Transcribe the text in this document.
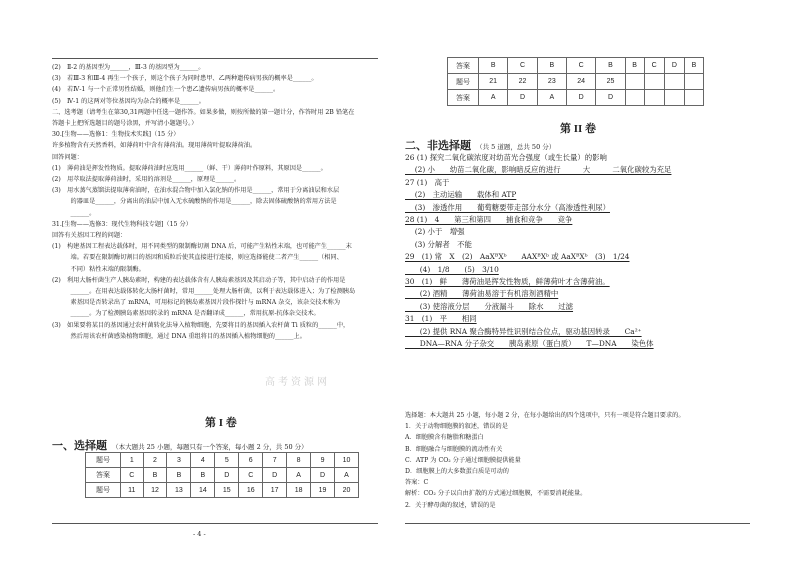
(2)　Ⅱ-2 的基因型为______，Ⅲ-3 的基因型为______。
(3)　若Ⅲ-3 和Ⅲ-4 再生一个孩子，则这个孩子为同时患甲、乙两种遗传病男孩的概率是______。
(4)　若Ⅳ-1 与一个正常男性结婚，则他们生一个患乙遗传病男孩的概率是______。
(5)　Ⅳ-1 的这两对等位基因均为杂合的概率是______。
二、选考题（请考生在第30,31两题中任选一题作答。如果多做，则按所做的第一题计分，作答时用 2B 铅笔在
答题卡上把所选题目的题号涂黑，并写清小题题号。）
30.[生物——选修1：生物技术实践]（15 分）
许多植物含有天然香料，如薄荷叶中含有薄荷油。现用薄荷叶提取薄荷油。
回答问题：
(1)　薄荷油是挥发性物质。提取薄荷油时应选用______（鲜、干）薄荷叶作原料，其原因是______。
(2)　用萃取法提取薄荷油时，采用的溶剂是______，原理是______。
(3)　用水蒸气蒸馏法提取薄荷油时，在油水混合物中加入氯化钠的作用是______，常用于分离油层和水层
　　　的器皿是______，分离出的油层中加入无水硫酸钠的作用是______，除去固体硫酸钠的常用方法是
　　　______。
31.[生物——选修3：现代生物科技专题]（15 分）
回答有关基因工程的问题：
(1)　构建基因工程表达载体时，用不同类型的限制酶切割 DNA 后，可能产生粘性末端，也可能产生______末
　　　端。若要在限制酶切割目的基因和质粒后使其直接进行连接，则应选择能使二者产生______（相同、
　　　不同）粘性末端的限制酶。
(2)　利用大肠杆菌生产人胰岛素时，构建的表达载体含有人胰岛素基因及其启动子等，其中启动子的作用是
　　　______。在用表达载体转化大肠杆菌时，常用______处理大肠杆菌，以利于表达载体进入；为了检测胰岛
　　　素基因是否转录出了 mRNA，可用标记的胰岛素基因片段作探针与 mRNA 杂交，该杂交技术称为
　　　______。为了检测胰岛素基因转录的 mRNA 是否翻译成______，常用抗原-抗体杂交技术。
(3)　如果要将某目的基因通过农杆菌转化法导入植物细胞，先要将目的基因插入农杆菌 Ti 质粒的______中，
　　　然后用该农杆菌感染植物细胞，通过 DNA 重组将目的基因插入植物细胞的______上。
高考资源网
第 I 卷
一、选择题 （本大题共 25 小题，每题只有一个答案，每小题 2 分，共 50 分）
题号	1	2	3	4	5	6	7	8	9	10
答案	C	B	B	B	D	C	D	A	D	A
题号	11	12	13	14	15	16	17	18	19	20
- 4 -
答案	B	C	B	C	B	B	C	D	B
题号	21	22	23	24	25				
答案	A	D	A	D	D				
第 II 卷
二、非选择题 （共 5 道题，总共 50 分）
26 (1) 探究二氧化碳浓度对幼苗光合强度（或生长量）的影响
　 (2) 小　　幼苗二氧化碳，影响暗反应的进行　　　大　　　二氧化碳较为充足
27 (1)　高于
　 (2)　主动运输　　载体和 ATP
　 (3)　渗透作用　　葡萄糖要带走部分水分（高渗透性利尿）
28 (1)　4　　第三和第四　　捕食和竞争　　竞争
　 (2) 小于　增强
　 (3) 分解者　不能
29　(1) 常　X　(2)　AaXᴮXᵇ　　AAXᴮXᵇ 或 AaXᴮXᵇ　(3)　1/24
　　(4)　1/8　　(5)　3/10
30　(1)　鲜　　薄荷油是挥发性物质，鲜薄荷叶才含薄荷油。
　　(2) 酒精　　薄荷油易溶于有机溶剂酒精中
　　(3) 使溶液分层　　分液漏斗　　除水　　过滤
31　(1)　平　　相同
　　(2) 提供 RNA 聚合酶特异性识别结合位点，驱动基因转录　　Ca²⁺
　　DNA—RNA 分子杂交　　胰岛素原（蛋白质）　　T—DNA　　染色体
选择题：本大题共 25 小题，每小题 2 分，在每小题给出的四个选项中，只有一项是符合题目要求的。
1．关于动物细胞膜的叙述，错误的是
A．细胞膜含有糖脂和糖蛋白
B．细胞融合与细胞膜的流动性有关
C．ATP 为 CO₂ 分子通过细胞膜提供能量
D．细胞膜上的大多数蛋白质是可动的
答案：C
解析：CO₂ 分子以自由扩散的方式通过细胞膜，不需要消耗能量。
2．关于酵母菌的叙述，错误的是
